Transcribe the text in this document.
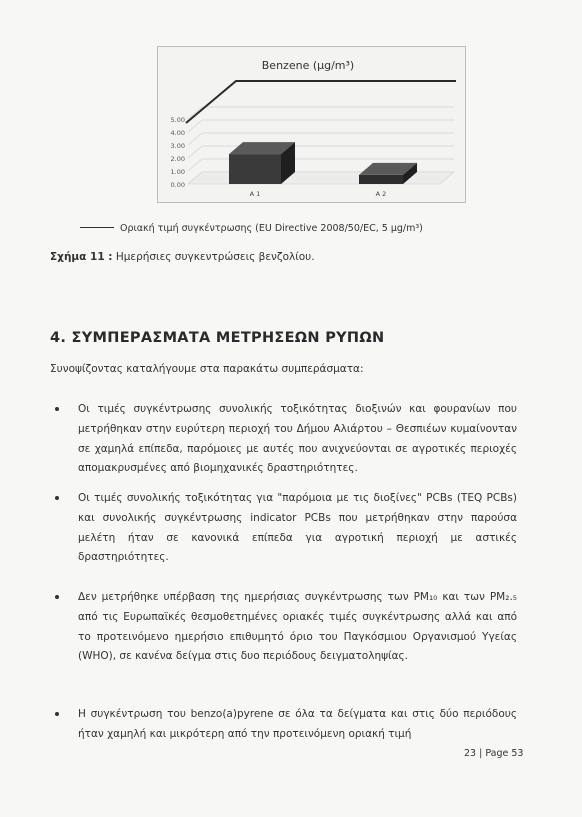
Benzene (μg/m³)
0.00
1.00
2.00
3.00
4.00
5.00
A 1	A 2
Οριακή τιμή συγκέντρωσης (EU Directive 2008/50/EC, 5 μg/m³)
Σχήμα 11 : Ημερήσιες συγκεντρώσεις βενζολίου.
4. ΣΥΜΠΕΡΑΣΜΑΤΑ ΜΕΤΡΗΣΕΩΝ ΡΥΠΩΝ
Συνοψίζοντας καταλήγουμε στα παρακάτω συμπεράσματα:
Οι τιμές συγκέντρωσης συνολικής τοξικότητας διοξινών και φουρανίων που μετρήθηκαν στην ευρύτερη περιοχή του Δήμου Αλιάρτου – Θεσπιέων κυμαίνονταν σε χαμηλά επίπεδα, παρόμοιες με αυτές που ανιχνεύονται σε αγροτικές περιοχές απομακρυσμένες από βιομηχανικές δραστηριότητες.
Οι τιμές συνολικής τοξικότητας για "παρόμοια με τις διοξίνες" PCBs (TEQ PCBs) και συνολικής συγκέντρωσης indicator PCBs που μετρήθηκαν στην παρούσα μελέτη ήταν σε κανονικά επίπεδα για αγροτική περιοχή με αστικές δραστηριότητες.
Δεν μετρήθηκε υπέρβαση της ημερήσιας συγκέντρωσης των PM₁₀ και των PM₂.₅ από τις Ευρωπαϊκές θεσμοθετημένες οριακές τιμές συγκέντρωσης αλλά και από το προτεινόμενο ημερήσιο επιθυμητό όριο του Παγκόσμιου Οργανισμού Υγείας (WHO), σε κανένα δείγμα στις δυο περιόδους δειγματοληψίας.
Η συγκέντρωση του benzo(a)pyrene σε όλα τα δείγματα και στις δύο περιόδους ήταν χαμηλή και μικρότερη από την προτεινόμενη οριακή τιμή
23 | Page 53
